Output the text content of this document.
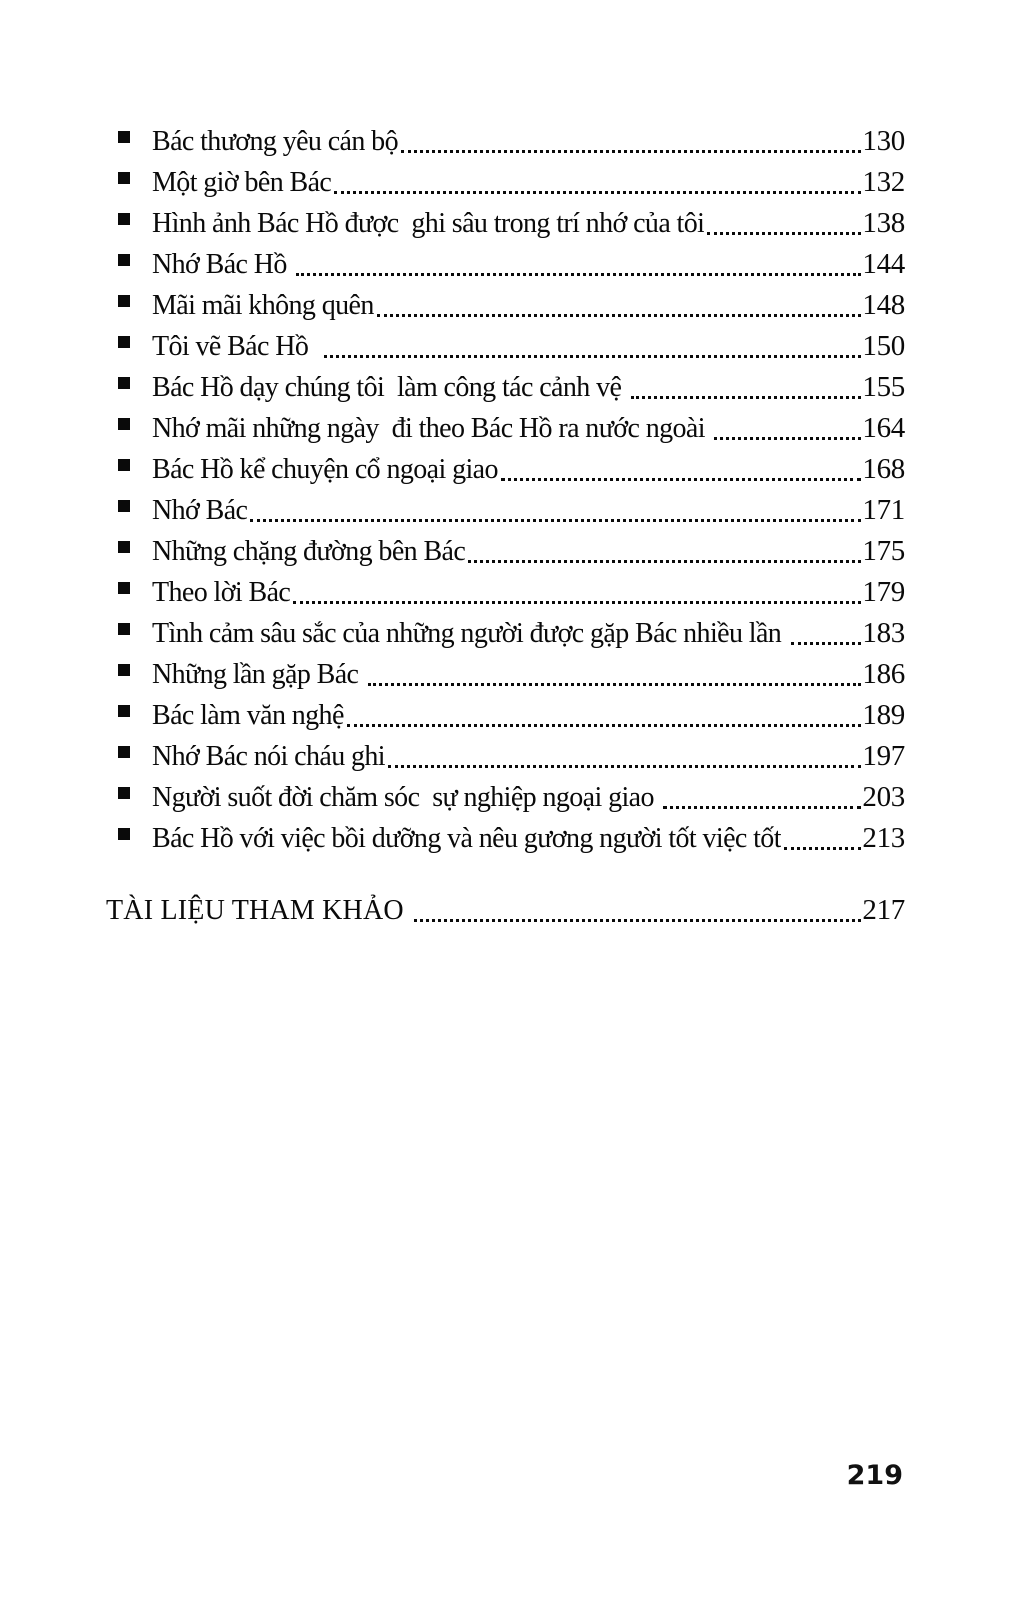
Bác thương yêu cán bộ	130
Một giờ bên Bác	132
Hình ảnh Bác Hồ được  ghi sâu trong trí nhớ của tôi	138
Nhớ Bác Hồ	144
Mãi mãi không quên	148
Tôi vẽ Bác Hồ	150
Bác Hồ dạy chúng tôi  làm công tác cảnh vệ	155
Nhớ mãi những ngày  đi theo Bác Hồ ra nước ngoài	164
Bác Hồ kể chuyện cổ ngoại giao	168
Nhớ Bác	171
Những chặng đường bên Bác	175
Theo lời Bác	179
Tình cảm sâu sắc của những người được gặp Bác nhiều lần	183
Những lần gặp Bác	186
Bác làm văn nghệ	189
Nhớ Bác nói cháu ghi	197
Người suốt đời chăm sóc  sự nghiệp ngoại giao	203
Bác Hồ với việc bồi dưỡng và nêu gương người tốt việc tốt	213
TÀI LIỆU THAM KHẢO	217
219
